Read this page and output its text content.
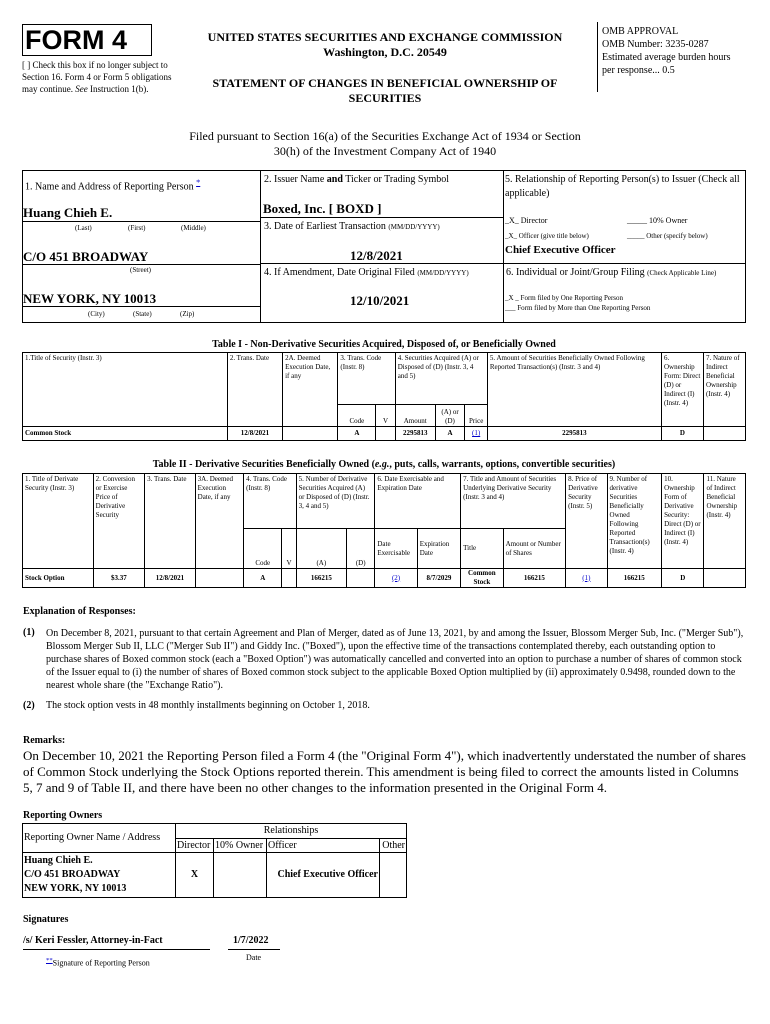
FORM 4
[ ] Check this box if no longer subject to Section 16. Form 4 or Form 5 obligations may continue. See Instruction 1(b).
UNITED STATES SECURITIES AND EXCHANGE COMMISSION
Washington, D.C. 20549
STATEMENT OF CHANGES IN BENEFICIAL OWNERSHIP OF SECURITIES
OMB APPROVAL
OMB Number: 3235-0287
Estimated average burden hours per response... 0.5
Filed pursuant to Section 16(a) of the Securities Exchange Act of 1934 or Section 30(h) of the Investment Company Act of 1940
1. Name and Address of Reporting Person *
Huang Chieh E.
(Last)	(First)	(Middle)
C/O 451 BROADWAY
(Street)
NEW YORK, NY 10013
(City)	(State)	(Zip)
2. Issuer Name and Ticker or Trading Symbol
Boxed, Inc. [ BOXD ]
3. Date of Earliest Transaction (MM/DD/YYYY)
12/8/2021
4. If Amendment, Date Original Filed (MM/DD/YYYY)
12/10/2021
5. Relationship of Reporting Person(s) to Issuer (Check all applicable)
_X_ Director	_____ 10% Owner
_X_ Officer (give title below)	_____ Other (specify below)
Chief Executive Officer
6. Individual or Joint/Group Filing (Check Applicable Line)
_X _ Form filed by One Reporting Person
___ Form filed by More than One Reporting Person
Table I - Non-Derivative Securities Acquired, Disposed of, or Beneficially Owned
1.Title of Security (Instr. 3)	2. Trans. Date	2A. Deemed Execution Date, if any	3. Trans. Code (Instr. 8)		4. Securities Acquired (A) or Disposed of (D) (Instr. 3, 4 and 5)			5. Amount of Securities Beneficially Owned Following Reported Transaction(s) (Instr. 3 and 4)	6. Ownership Form: Direct (D) or Indirect (I) (Instr. 4)	7. Nature of Indirect Beneficial Ownership (Instr. 4)
			Code	V	Amount	(A) or (D)	Price			
Common Stock	12/8/2021		A		2295813	A	(1)	2295813	D	
Table II - Derivative Securities Beneficially Owned (e.g., puts, calls, warrants, options, convertible securities)
1. Title of Derivate Security (Instr. 3)	2. Conversion or Exercise Price of Derivative Security	3. Trans. Date	3A. Deemed Execution Date, if any	4. Trans. Code (Instr. 8)		5. Number of Derivative Securities Acquired (A) or Disposed of (D) (Instr. 3, 4 and 5)		6. Date Exercisable and Expiration Date		7. Title and Amount of Securities Underlying Derivative Security (Instr. 3 and 4)		8. Price of Derivative Security (Instr. 5)	9. Number of derivative Securities Beneficially Owned Following Reported Transaction(s) (Instr. 4)	10. Ownership Form of Derivative Security: Direct (D) or Indirect (I) (Instr. 4)	11. Nature of Indirect Beneficial Ownership (Instr. 4)
				Code	V	(A)	(D)	Date Exercisable	Expiration Date	Title	Amount or Number of Shares				
Stock Option	$3.37	12/8/2021		A		166215		(2)	8/7/2029	Common Stock	166215	(1)	166215	D	
Explanation of Responses:
(1) On December 8, 2021, pursuant to that certain Agreement and Plan of Merger, dated as of June 13, 2021, by and among the Issuer, Blossom Merger Sub, Inc. ("Merger Sub"), Blossom Merger Sub II, LLC ("Merger Sub II") and Giddy Inc. ("Boxed"), upon the effective time of the transactions contemplated thereby, each outstanding option to purchase shares of Boxed common stock (each a "Boxed Option") was automatically cancelled and converted into an option to purchase a number of shares of common stock of the Issuer equal to (i) the number of shares of Boxed common stock subject to the applicable Boxed Option multiplied by (ii) approximately 0.9498, rounded down to the nearest whole share (the "Exchange Ratio").
(2) The stock option vests in 48 monthly installments beginning on October 1, 2018.
Remarks:
On December 10, 2021 the Reporting Person filed a Form 4 (the "Original Form 4"), which inadvertently understated the number of shares of Common Stock underlying the Stock Options reported therein. This amendment is being filed to correct the amounts listed in Columns 5, 7 and 9 of Table II, and there have been no other changes to the information presented in the Original Form 4.
Reporting Owners
Reporting Owner Name / Address	Relationships			
	Director	10% Owner	Officer	Other

Huang Chieh E.
C/O 451 BROADWAY
NEW YORK, NY 10013	X		Chief Executive Officer	
Signatures
/s/ Keri Fessler, Attorney-in-Fact	1/7/2022
**Signature of Reporting Person
Date
